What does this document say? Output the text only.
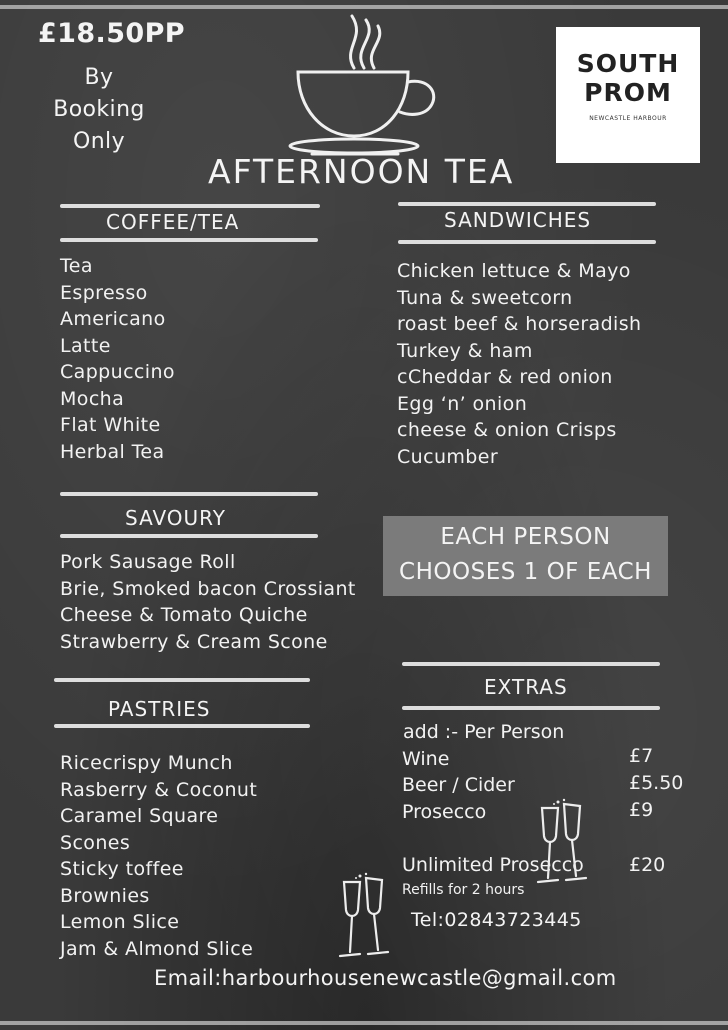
£18.50PP
By Booking Only
AFTERNOON TEA
SOUTH
PROM
NEWCASTLE HARBOUR
COFFEE/TEA
Tea
Espresso
Americano
Latte
Cappuccino
Mocha
Flat White
Herbal Tea
SANDWICHES
Chicken lettuce & Mayo
Tuna & sweetcorn
roast beef & horseradish
Turkey & ham
cCheddar & red onion
Egg ‘n’ onion
cheese & onion Crisps
Cucumber
SAVOURY
Pork Sausage Roll
Brie, Smoked bacon Crossiant
Cheese & Tomato Quiche
Strawberry & Cream Scone
EACH PERSON
CHOOSES 1 OF EACH
PASTRIES
Ricecrispy Munch
Rasberry & Coconut
Caramel Square
Scones
Sticky toffee
Brownies
Lemon Slice
Jam & Almond Slice
EXTRAS
add :- Per Person
Wine	£7
Beer / Cider	£5.50
Prosecco	£9
Unlimited Prosecco £20
Refills for 2 hours
Tel:02843723445
Email:harbourhousenewcastle@gmail.com
